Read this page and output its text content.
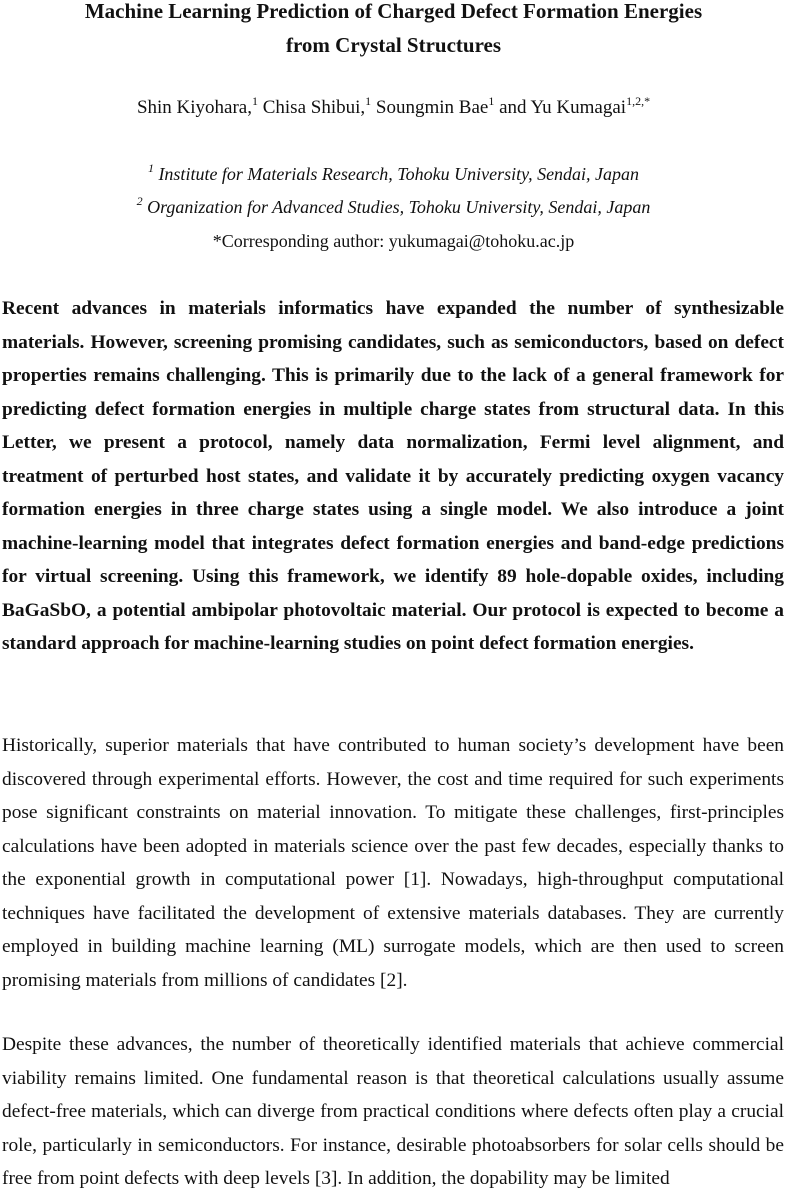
Machine Learning Prediction of Charged Defect Formation Energies
from Crystal Structures
Shin Kiyohara,$^1$ Chisa Shibui,$^1$ Soungmin Bae$^1$ and Yu Kumagai$^{1,2,*}$
$^1$ Institute for Materials Research, Tohoku University, Sendai, Japan
$^2$ Organization for Advanced Studies, Tohoku University, Sendai, Japan
*Corresponding author: yukumagai@tohoku.ac.jp

Recent advances in materials informatics have expanded the number of synthesizable materials. However, screening promising candidates, such as semiconductors, based on defect properties remains challenging. This is primarily due to the lack of a general framework for predicting defect formation energies in multiple charge states from structural data. In this Letter, we present a protocol, namely data normalization, Fermi level alignment, and treatment of perturbed host states, and validate it by accurately predicting oxygen vacancy formation energies in three charge states using a single model. We also introduce a joint machine-learning model that integrates defect formation energies and band-edge predictions for virtual screening. Using this framework, we identify 89 hole-dopable oxides, including BaGaSbO, a potential ambipolar photovoltaic material. Our protocol is expected to become a standard approach for machine-learning studies on point defect formation energies.

Historically, superior materials that have contributed to human society’s development have been discovered through experimental efforts. However, the cost and time required for such experiments pose significant constraints on material innovation. To mitigate these challenges, first-principles calculations have been adopted in materials science over the past few decades, especially thanks to the exponential growth in computational power [1]. Nowadays, high-throughput computational techniques have facilitated the development of extensive materials databases. They are currently employed in building machine learning (ML) surrogate models, which are then used to screen promising materials from millions of candidates [2].

Despite these advances, the number of theoretically identified materials that achieve commercial viability remains limited. One fundamental reason is that theoretical calculations usually assume defect-free materials, which can diverge from practical conditions where defects often play a crucial role, particularly in semiconductors. For instance, desirable photoabsorbers for solar cells should be free from point defects with deep levels [3]. In addition, the dopability may be limited
